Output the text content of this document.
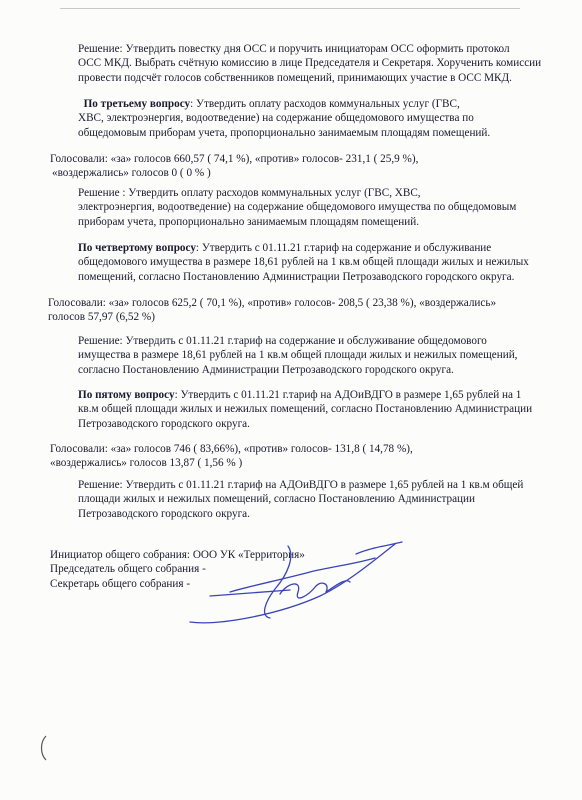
Решение: Утвердить повестку дня ОСС и поручить инициаторам ОСС оформить протокол
ОСС МКД. Выбрать счётную комиссию в лице Председателя и Секретаря. Хорученить комиссии
провести подсчёт голосов собственников помещений, принимающих участие в ОСС МКД.
По третьему вопросу: Утвердить оплату расходов коммунальных услуг (ГВС,
ХВС, электроэнергия, водоотведение) на содержание общедомового имущества по
общедомовым приборам учета, пропорционально занимаемым площадям помещений.
Голосовали: «за» голосов 660,57 ( 74,1 %), «против» голосов- 231,1 ( 25,9 %),
«воздержались» голосов 0 ( 0 % )
Решение : Утвердить оплату расходов коммунальных услуг (ГВС, ХВС,
электроэнергия, водоотведение) на содержание общедомового имущества по общедомовым
приборам учета, пропорционально занимаемым площадям помещений.
По четвертому вопросу: Утвердить с 01.11.21 г.тариф на содержание и обслуживание
общедомового имущества в размере 18,61 рублей на 1 кв.м общей площади жилых и нежилых
помещений, согласно Постановлению Администрации Петрозаводского городского округа.
Голосовали: «за» голосов 625,2 ( 70,1 %), «против» голосов- 208,5 ( 23,38 %), «воздержались»
голосов 57,97 (6,52 %)
Решение: Утвердить с 01.11.21 г.тариф на содержание и обслуживание общедомового
имущества в размере 18,61 рублей на 1 кв.м общей площади жилых и нежилых помещений,
согласно Постановлению Администрации Петрозаводского городского округа.
По пятому вопросу: Утвердить с 01.11.21 г.тариф на АДОиВДГО в размере 1,65 рублей на 1
кв.м общей площади жилых и нежилых помещений, согласно Постановлению Администрации
Петрозаводского городского округа.
Голосовали: «за» голосов 746 ( 83,66%), «против» голосов- 131,8 ( 14,78 %),
«воздержались» голосов 13,87 ( 1,56 % )
Решение: Утвердить с 01.11.21 г.тариф на АДОиВДГО в размере 1,65 рублей на 1 кв.м общей
площади жилых и нежилых помещений, согласно Постановлению Администрации
Петрозаводского городского округа.
Инициатор общего собрания: ООО УК «Территория»
Председатель общего собрания -
Секретарь общего собрания -
